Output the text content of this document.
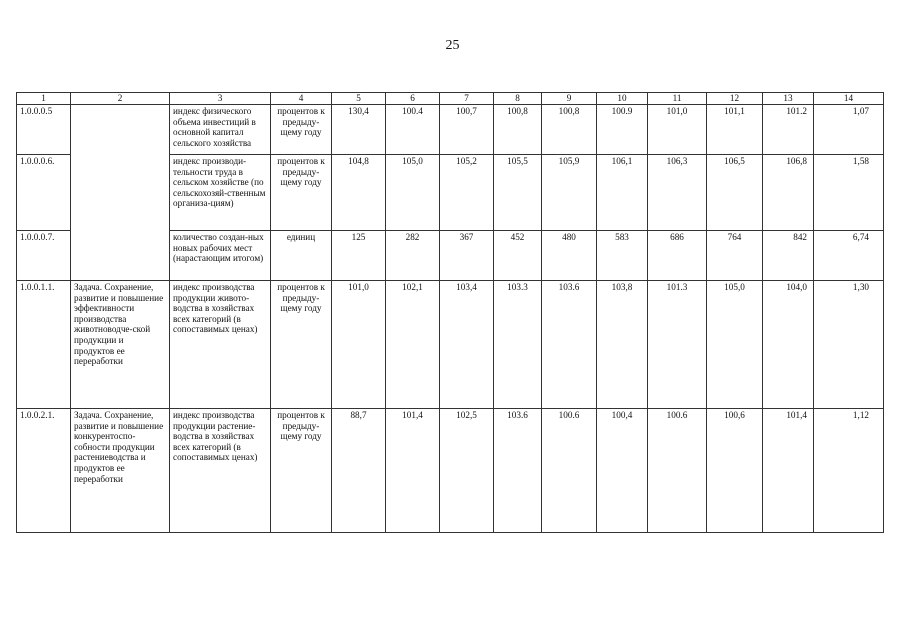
25
1	2	3	4	5	6	7	8	9	10	11	12	13	14
1.0.0.0.5		индекс физического объема инвестиций в основной капитал сельского хозяйства	процентов к предыду-щему году	130,4	100.4	100,7	100,8	100,8	100.9	101,0	101,1	101.2	1,07
1.0.0.0.6.		индекс производи-тельности труда в сельском хозяйстве (по сельскохозяй-ственным организа-циям)	процентов к предыду-щему году	104,8	105,0	105,2	105,5	105,9	106,1	106,3	106,5	106,8	1,58
1.0.0.0.7.		количество создан-ных новых рабочих мест (нарастающим итогом)	единиц	125	282	367	452	480	583	686	764	842	6,74
1.0.0.1.1.	Задача. Сохранение, развитие и повышение эффективности производства животноводче-ской продукции и продуктов ее переработки	индекс производства продукции живото-водства в хозяйствах всех категорий (в сопоставимых ценах)	процентов к предыду-щему году	101,0	102,1	103,4	103.3	103.6	103,8	101.3	105,0	104,0	1,30
1.0.0.2.1.	Задача. Сохранение, развитие и повышение конкурентоспо-собности продукции растениеводства и продуктов ее переработки	индекс производства продукции растение-водства в хозяйствах всех категорий (в сопоставимых ценах)	процентов к предыду-щему году	88,7	101,4	102,5	103.6	100.6	100,4	100.6	100,6	101,4	1,12
